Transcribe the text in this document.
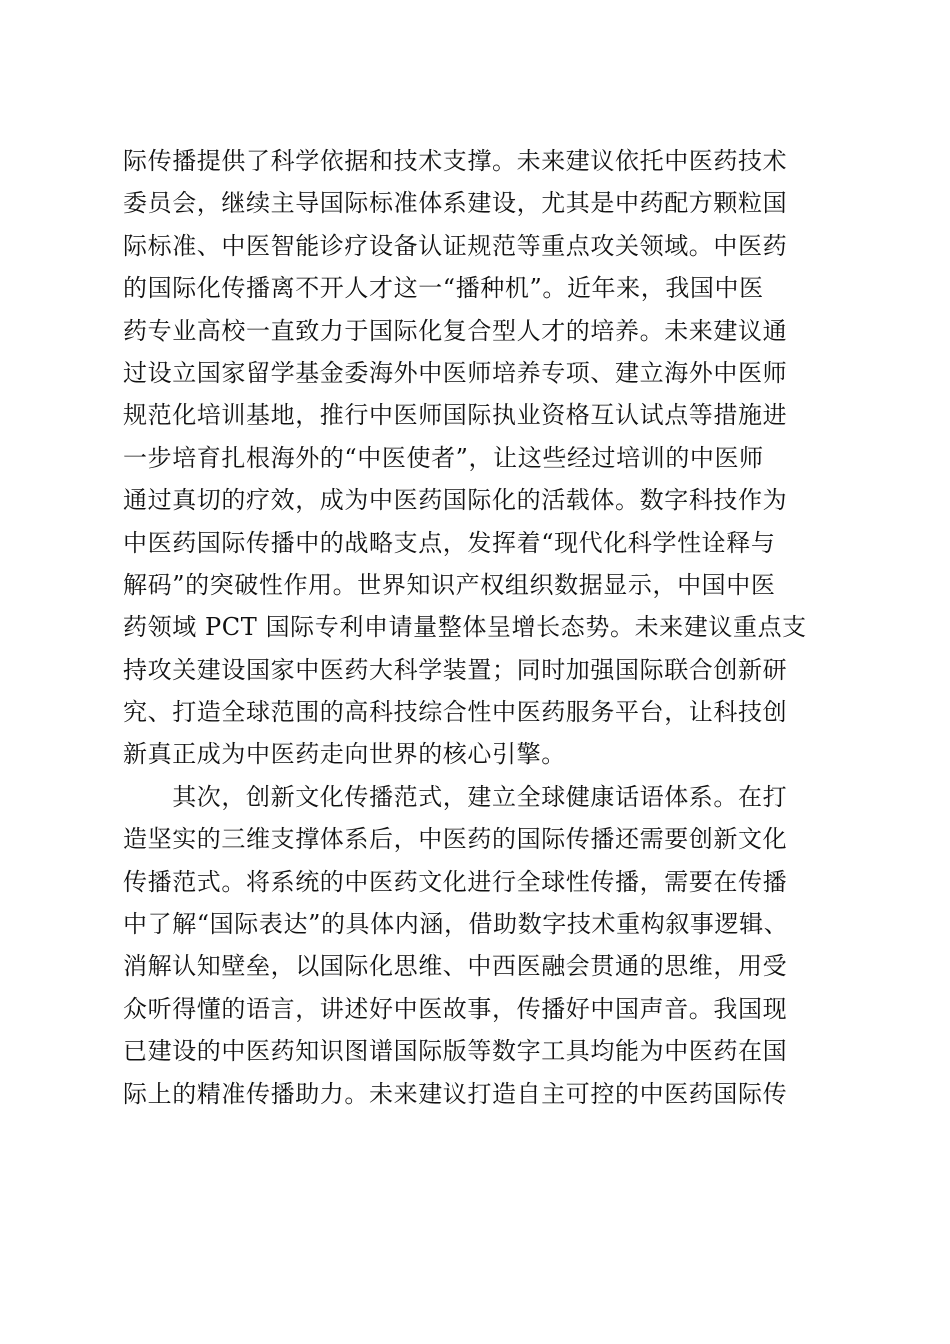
际传播提供了科学依据和技术支撑。未来建议依托中医药技术
委员会，继续主导国际标准体系建设，尤其是中药配方颗粒国
际标准、中医智能诊疗设备认证规范等重点攻关领域。中医药
的国际化传播离不开人才这一“播种机”。近年来，我国中医
药专业高校一直致力于国际化复合型人才的培养。未来建议通
过设立国家留学基金委海外中医师培养专项、建立海外中医师
规范化培训基地，推行中医师国际执业资格互认试点等措施进
一步培育扎根海外的“中医使者”，让这些经过培训的中医师
通过真切的疗效，成为中医药国际化的活载体。数字科技作为
中医药国际传播中的战略支点，发挥着“现代化科学性诠释与
解码”的突破性作用。世界知识产权组织数据显示，中国中医
药领域 PCT 国际专利申请量整体呈增长态势。未来建议重点支
持攻关建设国家中医药大科学装置；同时加强国际联合创新研
究、打造全球范围的高科技综合性中医药服务平台，让科技创
新真正成为中医药走向世界的核心引擎。
　　其次，创新文化传播范式，建立全球健康话语体系。在打
造坚实的三维支撑体系后，中医药的国际传播还需要创新文化
传播范式。将系统的中医药文化进行全球性传播，需要在传播
中了解“国际表达”的具体内涵，借助数字技术重构叙事逻辑、
消解认知壁垒，以国际化思维、中西医融会贯通的思维，用受
众听得懂的语言，讲述好中医故事，传播好中国声音。我国现
已建设的中医药知识图谱国际版等数字工具均能为中医药在国
际上的精准传播助力。未来建议打造自主可控的中医药国际传
